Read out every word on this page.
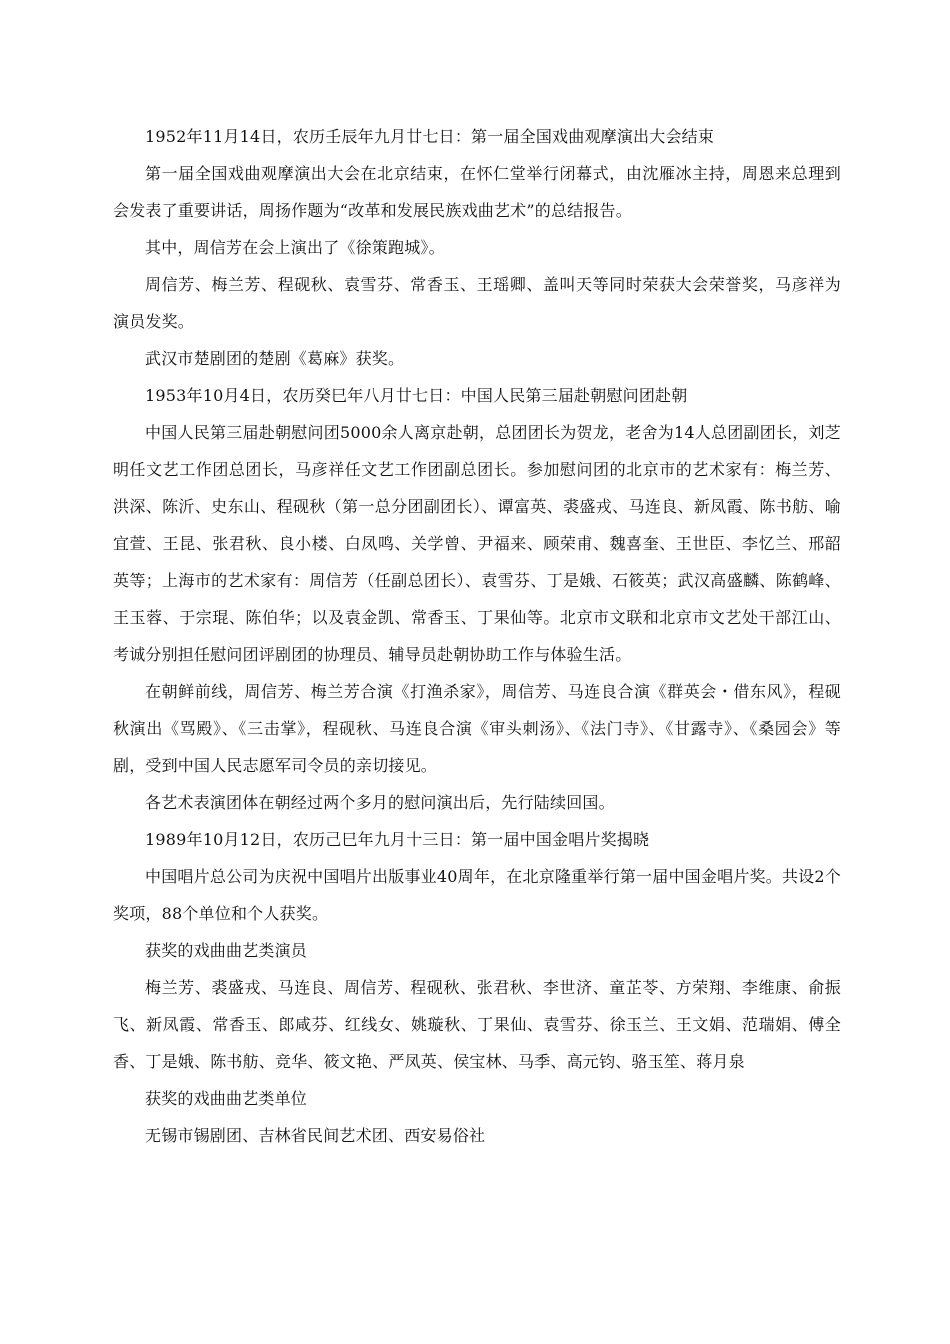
1952年11月14日，农历壬辰年九月廿七日：第一届全国戏曲观摩演出大会结束

第一届全国戏曲观摩演出大会在北京结束，在怀仁堂举行闭幕式，由沈雁冰主持，周恩来总理到会发表了重要讲话，周扬作题为“改革和发展民族戏曲艺术”的总结报告。

其中，周信芳在会上演出了《徐策跑城》。

周信芳、梅兰芳、程砚秋、袁雪芬、常香玉、王瑶卿、盖叫天等同时荣获大会荣誉奖，马彦祥为演员发奖。

武汉市楚剧团的楚剧《葛麻》获奖。

1953年10月4日，农历癸巳年八月廿七日：中国人民第三届赴朝慰问团赴朝

中国人民第三届赴朝慰问团5000余人离京赴朝，总团团长为贺龙，老舍为14人总团副团长，刘芝明任文艺工作团总团长，马彦祥任文艺工作团副总团长。参加慰问团的北京市的艺术家有：梅兰芳、洪深、陈沂、史东山、程砚秋（第一总分团副团长）、谭富英、裘盛戎、马连良、新凤霞、陈书舫、喻宜萱、王昆、张君秋、良小楼、白凤鸣、关学曾、尹福来、顾荣甫、魏喜奎、王世臣、李忆兰、邢韶英等；上海市的艺术家有：周信芳（任副总团长）、袁雪芬、丁是娥、石筱英；武汉高盛麟、陈鹤峰、王玉蓉、于宗琨、陈伯华；以及袁金凯、常香玉、丁果仙等。北京市文联和北京市文艺处干部江山、考诚分别担任慰问团评剧团的协理员、辅导员赴朝协助工作与体验生活。

在朝鲜前线，周信芳、梅兰芳合演《打渔杀家》，周信芳、马连良合演《群英会・借东风》，程砚秋演出《骂殿》、《三击掌》，程砚秋、马连良合演《审头刺汤》、《法门寺》、《甘露寺》、《桑园会》等剧，受到中国人民志愿军司令员的亲切接见。

各艺术表演团体在朝经过两个多月的慰问演出后，先行陆续回国。

1989年10月12日，农历己巳年九月十三日：第一届中国金唱片奖揭晓

中国唱片总公司为庆祝中国唱片出版事业40周年，在北京隆重举行第一届中国金唱片奖。共设2个奖项，88个单位和个人获奖。

获奖的戏曲曲艺类演员

梅兰芳、裘盛戎、马连良、周信芳、程砚秋、张君秋、李世济、童芷苓、方荣翔、李维康、俞振飞、新凤霞、常香玉、郎咸芬、红线女、姚璇秋、丁果仙、袁雪芬、徐玉兰、王文娟、范瑞娟、傅全香、丁是娥、陈书舫、竞华、筱文艳、严凤英、侯宝林、马季、高元钧、骆玉笙、蒋月泉

获奖的戏曲曲艺类单位

无锡市锡剧团、吉林省民间艺术团、西安易俗社
